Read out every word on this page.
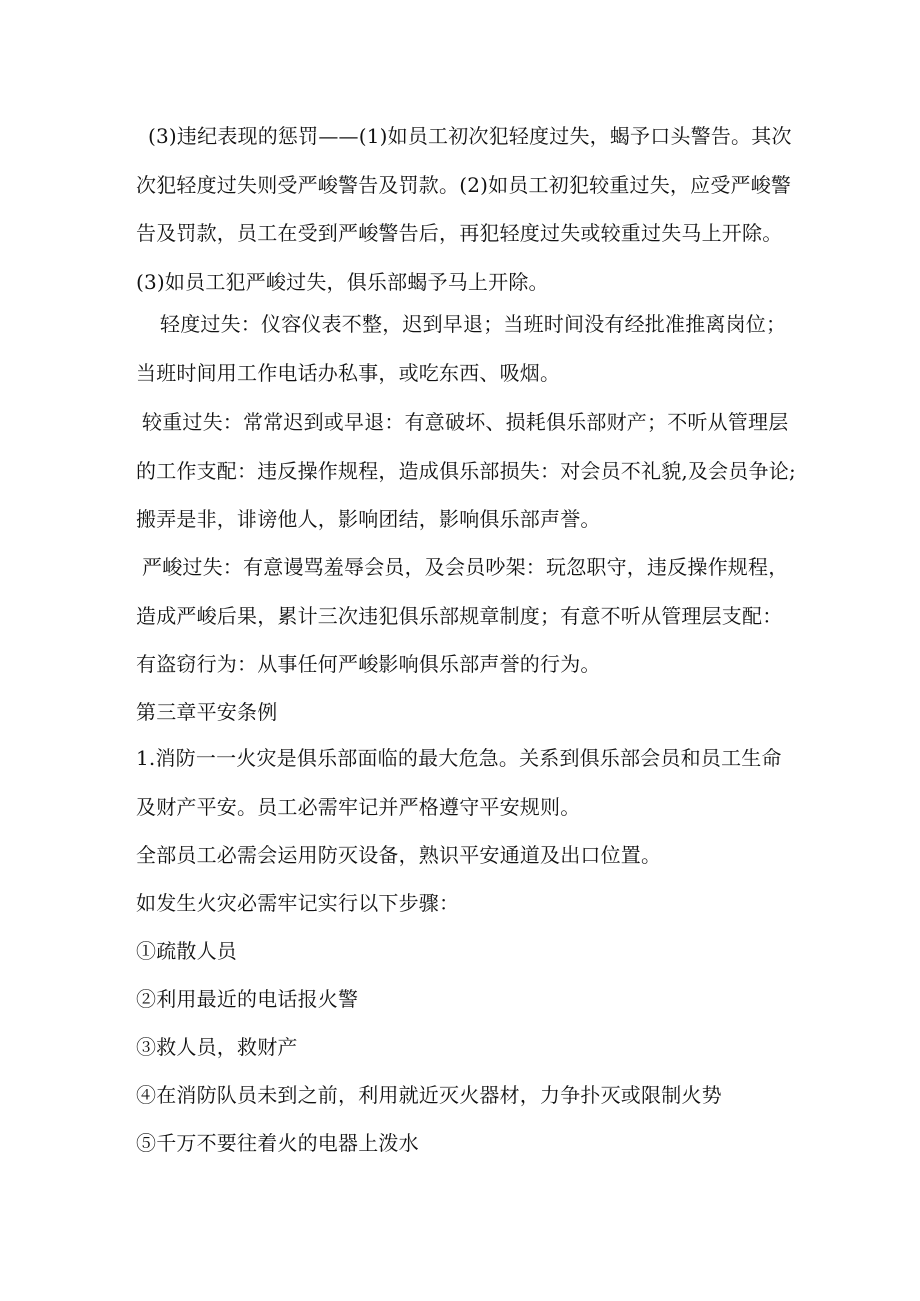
(3)违纪表现的惩罚——(1)如员工初次犯轻度过失，蝎予口头警告。其次次犯轻度过失则受严峻警告及罚款。(2)如员工初犯较重过失，应受严峻警告及罚款，员工在受到严峻警告后，再犯轻度过失或较重过失马上开除。(3)如员工犯严峻过失，俱乐部蝎予马上开除。

轻度过失：仪容仪表不整，迟到早退；当班时间没有经批准推离岗位；当班时间用工作电话办私事，或吃东西、吸烟。

较重过失：常常迟到或早退：有意破坏、损耗俱乐部财产；不听从管理层的工作支配：违反操作规程，造成俱乐部损失：对会员不礼貌,及会员争论;搬弄是非，诽谤他人，影响团结，影响俱乐部声誉。

严峻过失：有意谩骂羞辱会员，及会员吵架：玩忽职守，违反操作规程，造成严峻后果，累计三次违犯俱乐部规章制度；有意不听从管理层支配：有盗窃行为：从事任何严峻影响俱乐部声誉的行为。

第三章平安条例

1.消防一一火灾是俱乐部面临的最大危急。关系到俱乐部会员和员工生命及财产平安。员工必需牢记并严格遵守平安规则。

全部员工必需会运用防灭设备，熟识平安通道及出口位置。

如发生火灾必需牢记实行以下步骤：

①疏散人员

②利用最近的电话报火警

③救人员，救财产

④在消防队员未到之前，利用就近灭火器材，力争扑灭或限制火势

⑤千万不要往着火的电器上泼水
